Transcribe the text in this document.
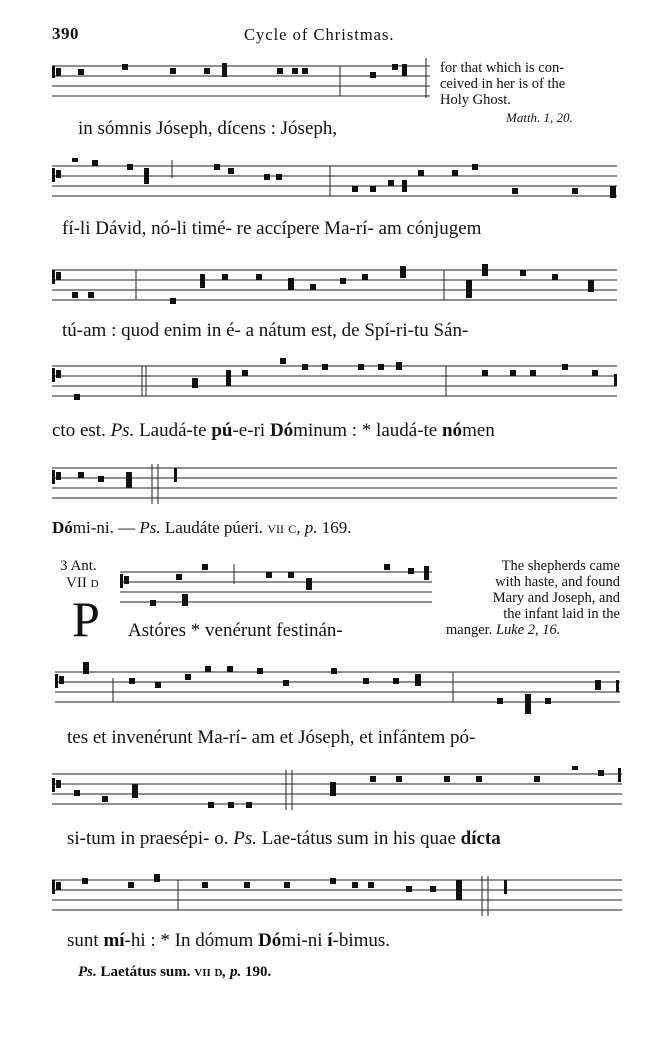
390	Cycle of Christmas.
for that which is con-
ceived in her is of the
Holy Ghost.
Matth. 1, 20.
in sómnis Jóseph, dícens : Jóseph,
fí-li Dávid, nó-li timé- re accípere Ma-rí- am cónjugem
tú-am : quod enim in é- a nátum est, de Spí-ri-tu Sán-
cto est. Ps. Laudá-te pú-e-ri Dóminum : * laudá-te nómen
Dómi-ni. — Ps. Laudáte púeri. vii c, p. 169.
3 Ant.
VII d
P Astóres * venérunt festinán-
The shepherds came
with haste, and found
Mary and Joseph, and
the infant laid in the
manger. Luke 2, 16.
tes et invenérunt Ma-rí- am et Jóseph, et infántem pó-
si-tum in praesépi- o. Ps. Lae-tátus sum in his quae dícta
sunt mí-hi : * In dómum Dómi-ni í-bimus.
Ps. Laetátus sum. vii d, p. 190.
